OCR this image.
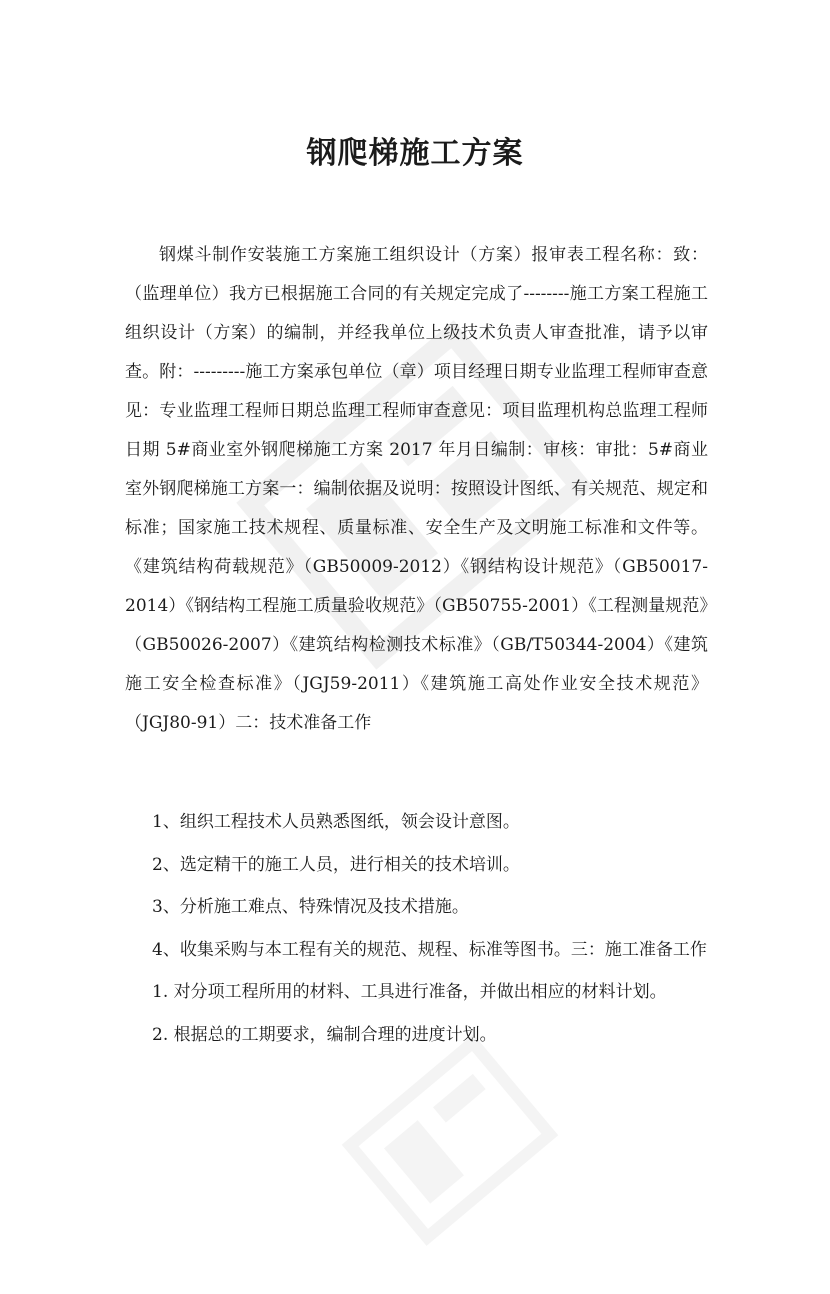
钢爬梯施工方案

钢煤斗制作安装施工方案施工组织设计（方案）报审表工程名称：致：（监理单位）我方已根据施工合同的有关规定完成了--------施工方案工程施工组织设计（方案）的编制，并经我单位上级技术负责人审查批准，请予以审查。附：---------施工方案承包单位（章）项目经理日期专业监理工程师审查意见：专业监理工程师日期总监理工程师审查意见：项目监理机构总监理工程师日期 5#商业室外钢爬梯施工方案 2017 年月日编制：审核：审批：5#商业室外钢爬梯施工方案一：编制依据及说明：按照设计图纸、有关规范、规定和标准；国家施工技术规程、质量标准、安全生产及文明施工标准和文件等。《建筑结构荷载规范》（GB50009-2012）《钢结构设计规范》（GB50017-2014）《钢结构工程施工质量验收规范》（GB50755-2001）《工程测量规范》（GB50026-2007）《建筑结构检测技术标准》（GB/T50344-2004）《建筑施工安全检查标准》（JGJ59-2011）《建筑施工高处作业安全技术规范》（JGJ80-91）二：技术准备工作

1、组织工程技术人员熟悉图纸，领会设计意图。
2、选定精干的施工人员，进行相关的技术培训。
3、分析施工难点、特殊情况及技术措施。
4、收集采购与本工程有关的规范、规程、标准等图书。三：施工准备工作
1. 对分项工程所用的材料、工具进行准备，并做出相应的材料计划。
2. 根据总的工期要求，编制合理的进度计划。
